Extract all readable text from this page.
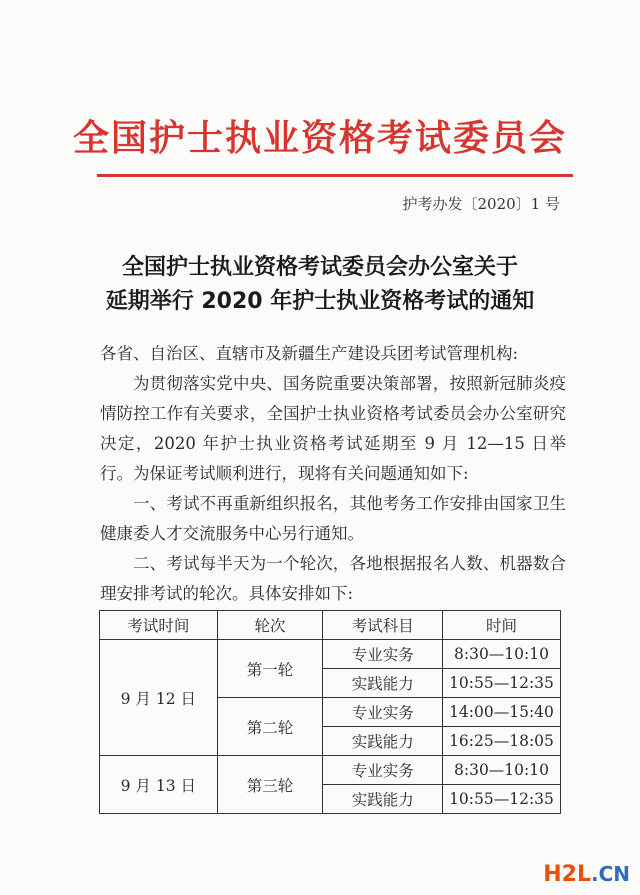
全国护士执业资格考试委员会
护考办发〔2020〕1 号
全国护士执业资格考试委员会办公室关于
延期举行 2020 年护士执业资格考试的通知
各省、自治区、直辖市及新疆生产建设兵团考试管理机构:

为贯彻落实党中央、国务院重要决策部署，按照新冠肺炎疫情防控工作有关要求，全国护士执业资格考试委员会办公室研究决定，2020 年护士执业资格考试延期至 9 月 12—15 日举行。为保证考试顺利进行，现将有关问题通知如下:

一、考试不再重新组织报名，其他考务工作安排由国家卫生健康委人才交流服务中心另行通知。

二、考试每半天为一个轮次，各地根据报名人数、机器数合理安排考试的轮次。具体安排如下:

考试时间	轮次	考试科目	时间
9 月 12 日	第一轮	专业实务	8:30—10:10
		实践能力	10:55—12:35
	第二轮	专业实务	14:00—15:40
		实践能力	16:25—18:05
9 月 13 日	第三轮	专业实务	8:30—10:10
		实践能力	10:55—12:35
H2L.CN
